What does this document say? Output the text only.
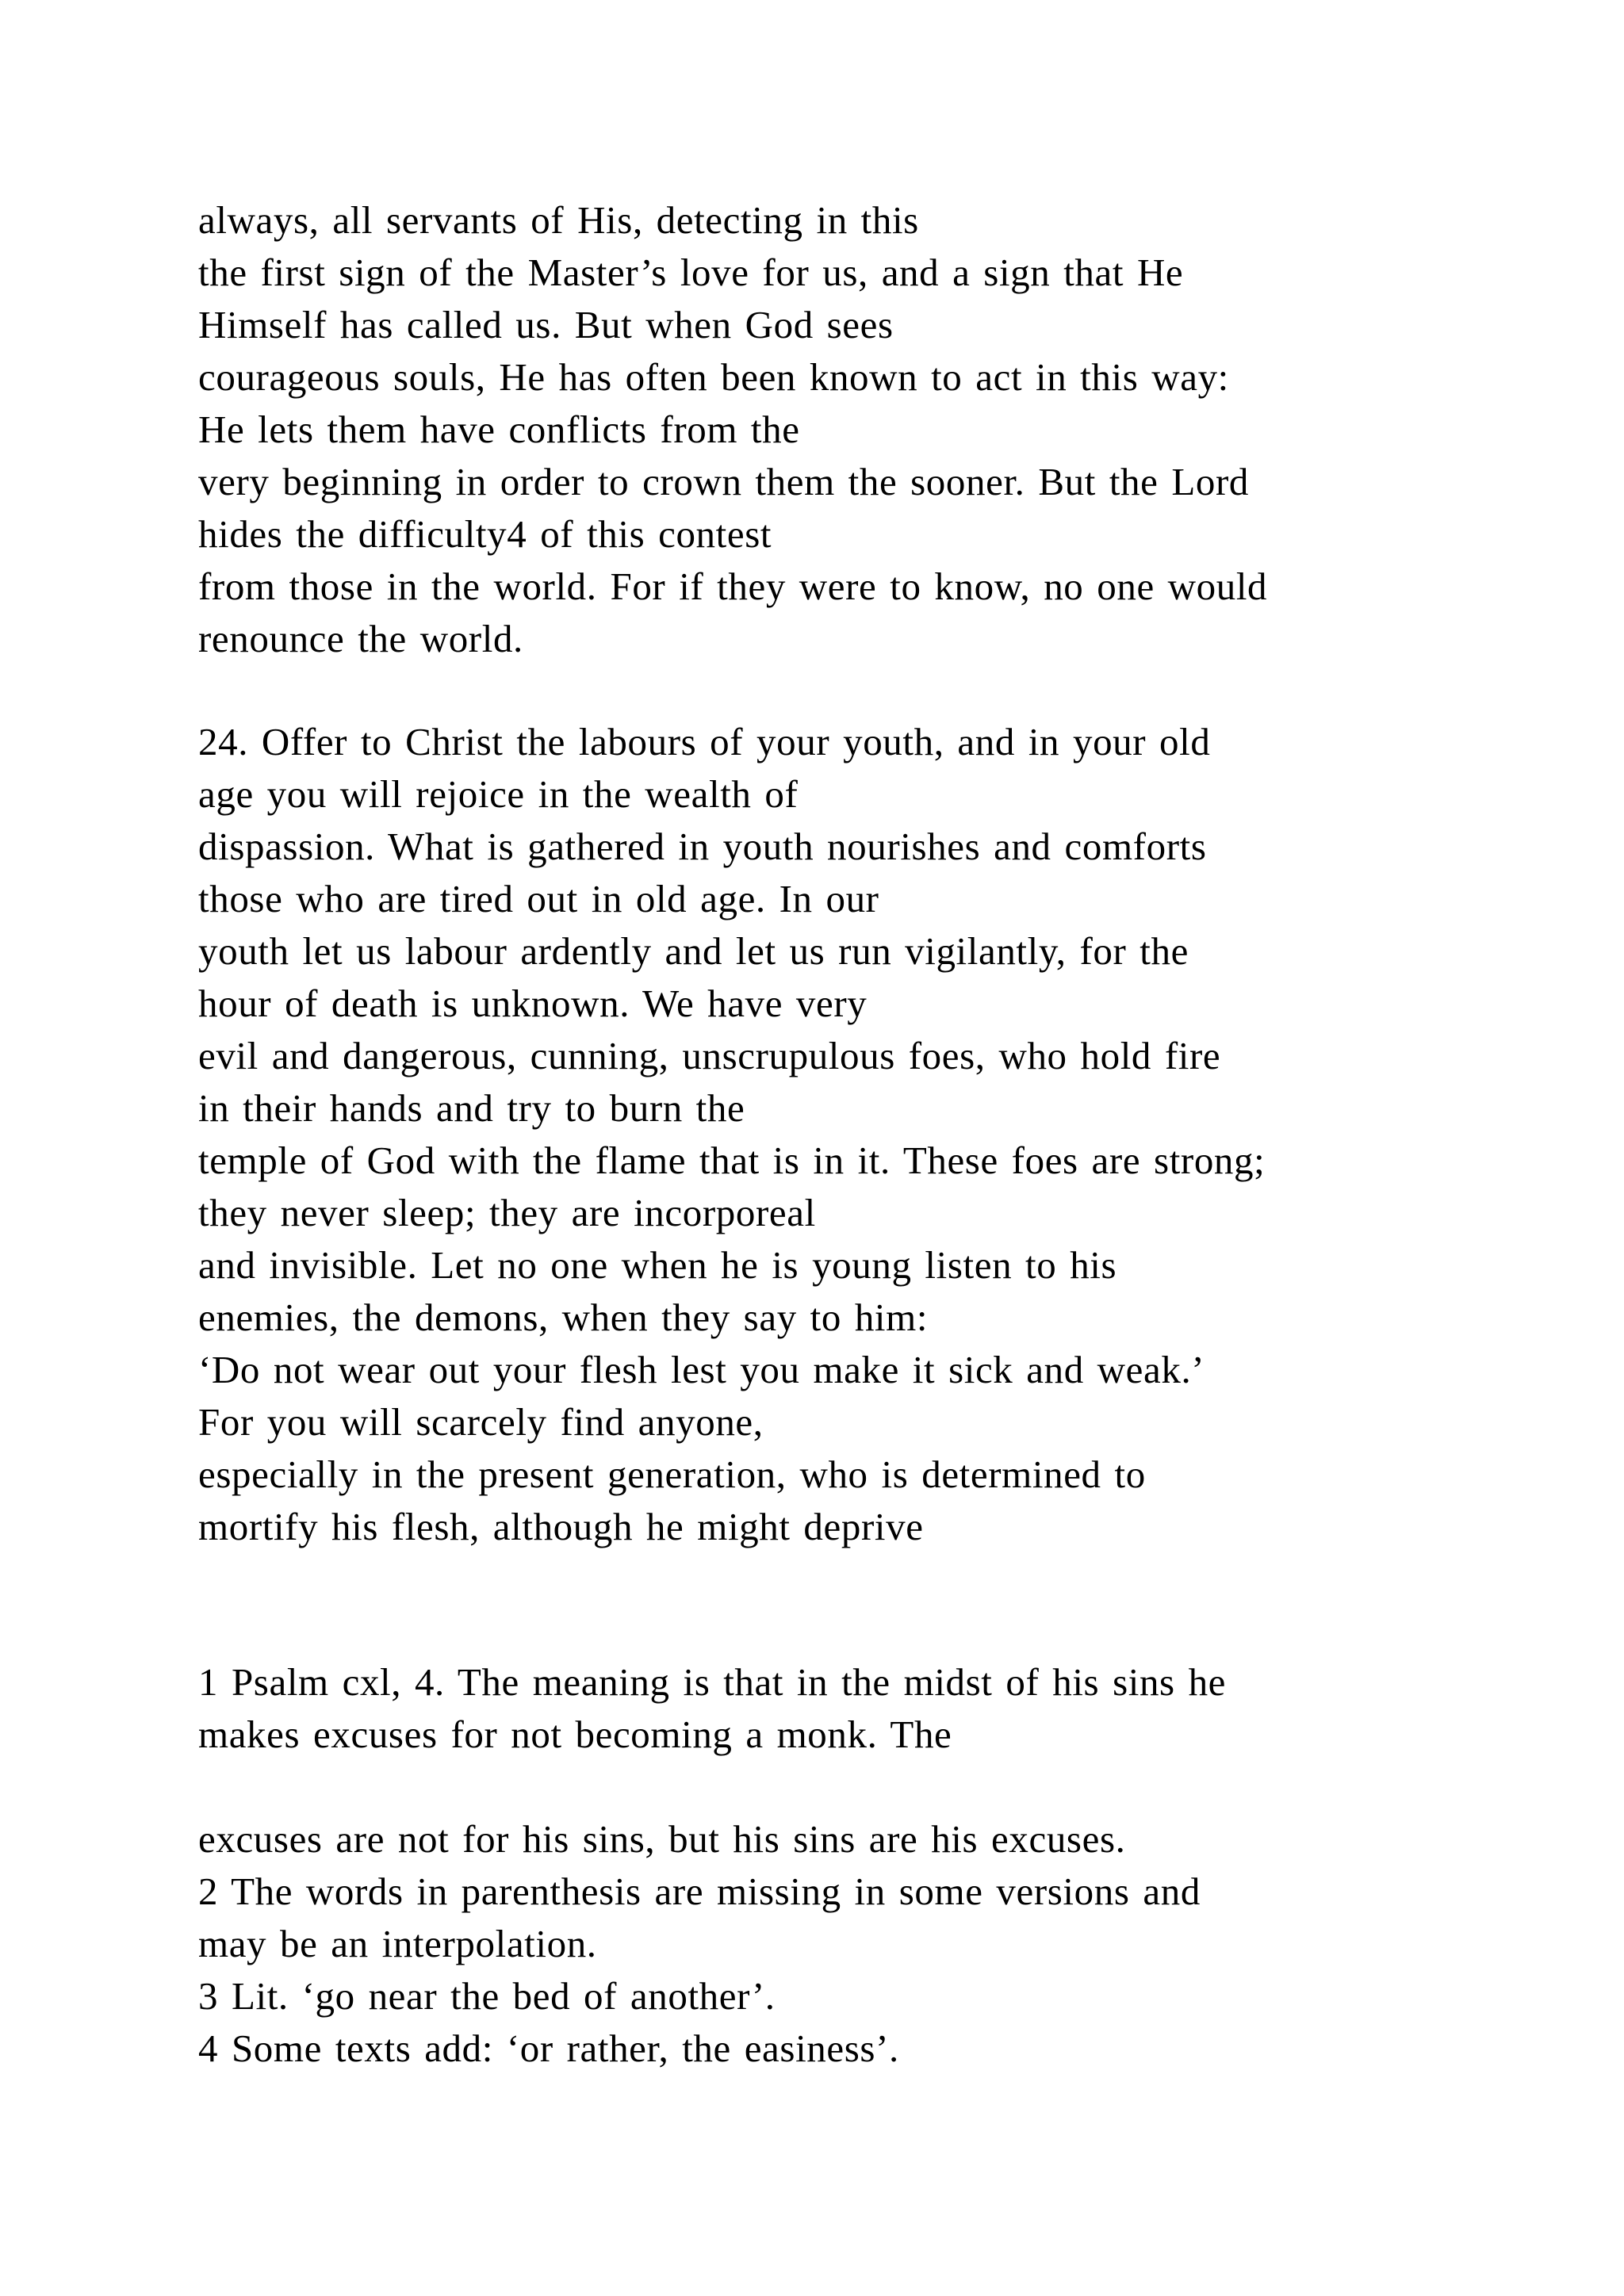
always, all servants of His, detecting in this

the first sign of the Master’s love for us, and a sign that He

Himself has called us. But when God sees

courageous souls, He has often been known to act in this way:

He lets them have conflicts from the

very beginning in order to crown them the sooner. But the Lord

hides the difficulty4 of this contest

from those in the world. For if they were to know, no one would

renounce the world.

24. Offer to Christ the labours of your youth, and in your old

age you will rejoice in the wealth of

dispassion. What is gathered in youth nourishes and comforts

those who are tired out in old age. In our

youth let us labour ardently and let us run vigilantly, for the

hour of death is unknown. We have very

evil and dangerous, cunning, unscrupulous foes, who hold fire

in their hands and try to burn the

temple of God with the flame that is in it. These foes are strong;

they never sleep; they are incorporeal

and invisible. Let no one when he is young listen to his

enemies, the demons, when they say to him:

‘Do not wear out your flesh lest you make it sick and weak.’

For you will scarcely find anyone,

especially in the present generation, who is determined to

mortify his flesh, although he might deprive

1 Psalm cxl, 4. The meaning is that in the midst of his sins he

makes excuses for not becoming a monk. The

excuses are not for his sins, but his sins are his excuses.

2 The words in parenthesis are missing in some versions and

may be an interpolation.

3 Lit. ‘go near the bed of another’.

4 Some texts add: ‘or rather, the easiness’.
